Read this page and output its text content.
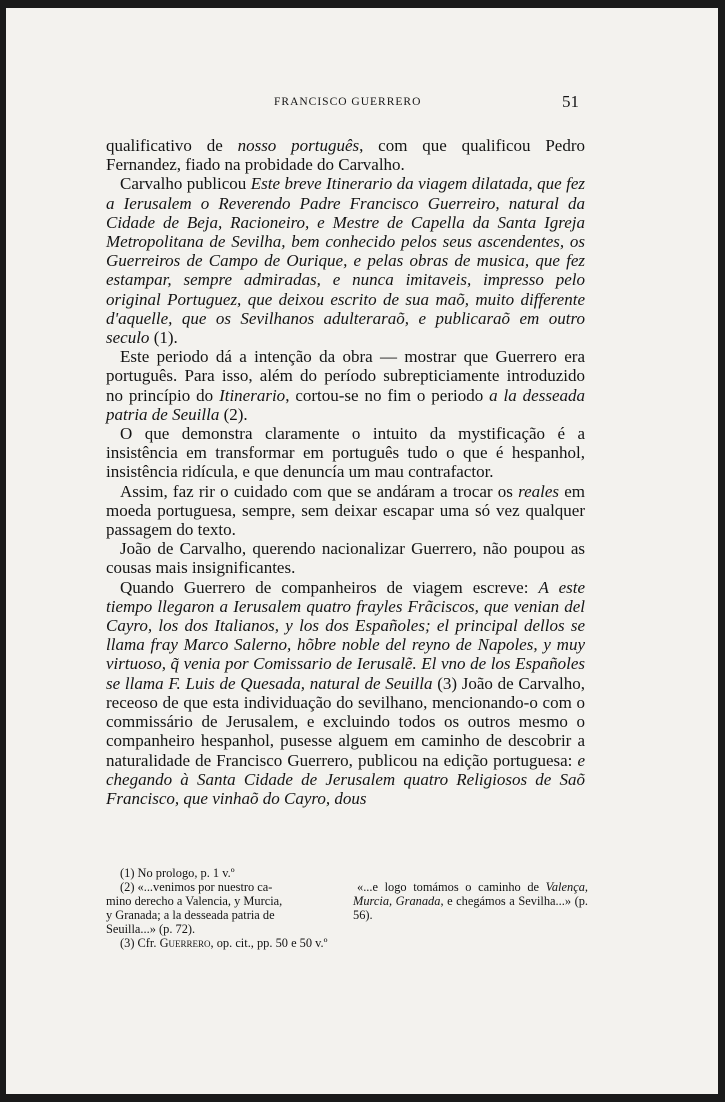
FRANCISCO GUERRERO	51

qualificativo de nosso português, com que qualificou Pedro Fernandez, fiado na probidade do Carvalho.

Carvalho publicou Este breve Itinerario da viagem dilatada, que fez a Ierusalem o Reverendo Padre Francisco Guerreiro, natural da Cidade de Beja, Racioneiro, e Mestre de Capella da Santa Igreja Metropolitana de Sevilha, bem conhecido pelos seus ascendentes, os Guerreiros de Campo de Ourique, e pelas obras de musica, que fez estampar, sempre admiradas, e nunca imitaveis, impresso pelo original Portuguez, que deixou escrito de sua maõ, muito differente d'aquelle, que os Sevilhanos adulteraraõ, e publicaraõ em outro seculo (1).

Este periodo dá a intenção da obra — mostrar que Guerrero era português. Para isso, além do período subrepticiamente introduzido no princípio do Itinerario, cortou-se no fim o periodo a la desseada patria de Seuilla (2).

O que demonstra claramente o intuito da mystificação é a insistência em transformar em português tudo o que é hespanhol, insistência ridícula, e que denuncía um mau contrafactor.

Assim, faz rir o cuidado com que se andáram a trocar os reales em moeda portuguesa, sempre, sem deixar escapar uma só vez qualquer passagem do texto.

João de Carvalho, querendo nacionalizar Guerrero, não poupou as cousas mais insignificantes.

Quando Guerrero de companheiros de viagem escreve: A este tiempo llegaron a Ierusalem quatro frayles Frãciscos, que venian del Cayro, los dos Italianos, y los dos Españoles; el principal dellos se llama fray Marco Salerno, hõbre noble del reyno de Napoles, y muy virtuoso, q̃ venia por Comissario de Ierusalẽ. El vno de los Españoles se llama F. Luis de Quesada, natural de Seuilla (3) João de Carvalho, receoso de que esta individuação do sevilhano, mencionando-o com o commissário de Jerusalem, e excluindo todos os outros mesmo o companheiro hespanhol, pusesse alguem em caminho de descobrir a naturalidade de Francisco Guerrero, publicou na edição portuguesa: e chegando à Santa Cidade de Jerusalem quatro Religiosos de Saõ Francisco, que vinhaõ do Cayro, dous

(1) No prologo, p. 1 v.º

(2) «...venimos por nuestro ca-
mino derecho a Valencia, y Murcia,
y Granada; a la desseada patria de
Seuilla...» (p. 72).
«...e logo tomámos o caminho de Valença, Murcia, Granada, e chegámos a Sevilha...» (p. 56).

(3) Cfr. Guerrero, op. cit., pp. 50 e 50 v.º
